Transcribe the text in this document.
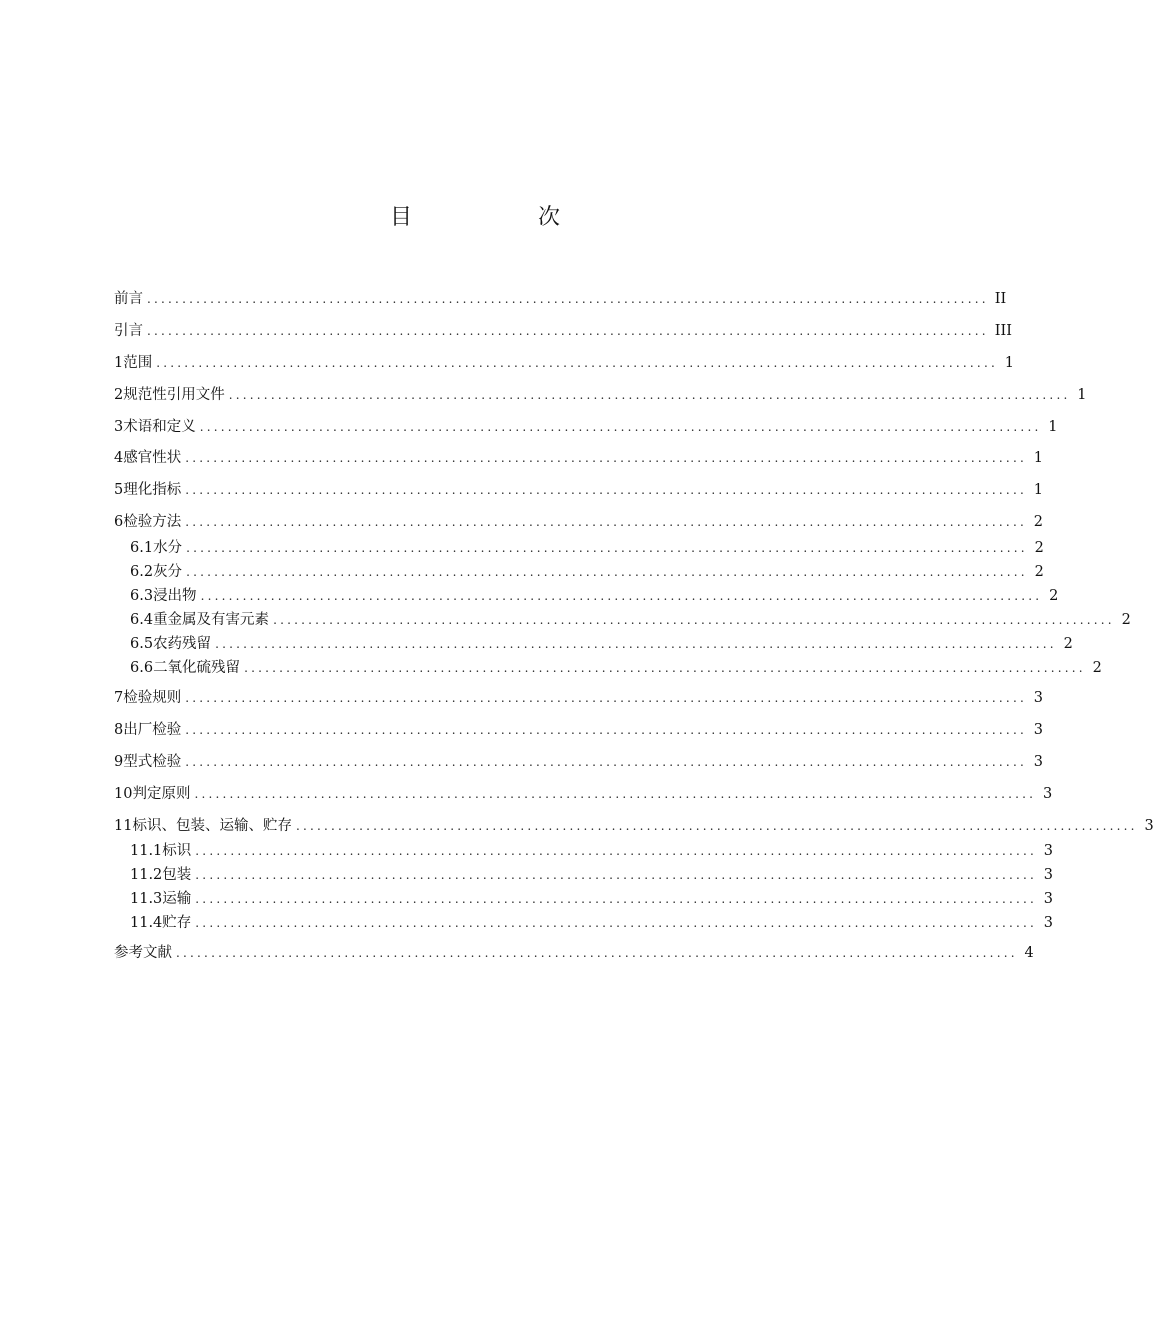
目　次
前言 ........................................................................................................................ II
引言 ........................................................................................................................ III
1 范围 ........................................................................................................................ 1
2 规范性引用文件 ........................................................................................................................ 1
3 术语和定义 ........................................................................................................................ 1
4 感官性状 ........................................................................................................................ 1
5 理化指标 ........................................................................................................................ 1
6 检验方法 ........................................................................................................................ 2
6.1 水分 ........................................................................................................................ 2
6.2 灰分 ........................................................................................................................ 2
6.3 浸出物 ........................................................................................................................ 2
6.4 重金属及有害元素 ........................................................................................................................ 2
6.5 农药残留 ........................................................................................................................ 2
6.6 二氧化硫残留 ........................................................................................................................ 2
7 检验规则 ........................................................................................................................ 3
8 出厂检验 ........................................................................................................................ 3
9 型式检验 ........................................................................................................................ 3
10 判定原则 ........................................................................................................................ 3
11 标识、包装、运输、贮存 ........................................................................................................................ 3
11.1 标识 ........................................................................................................................ 3
11.2 包装 ........................................................................................................................ 3
11.3 运输 ........................................................................................................................ 3
11.4 贮存 ........................................................................................................................ 3
参考文献 ........................................................................................................................ 4
